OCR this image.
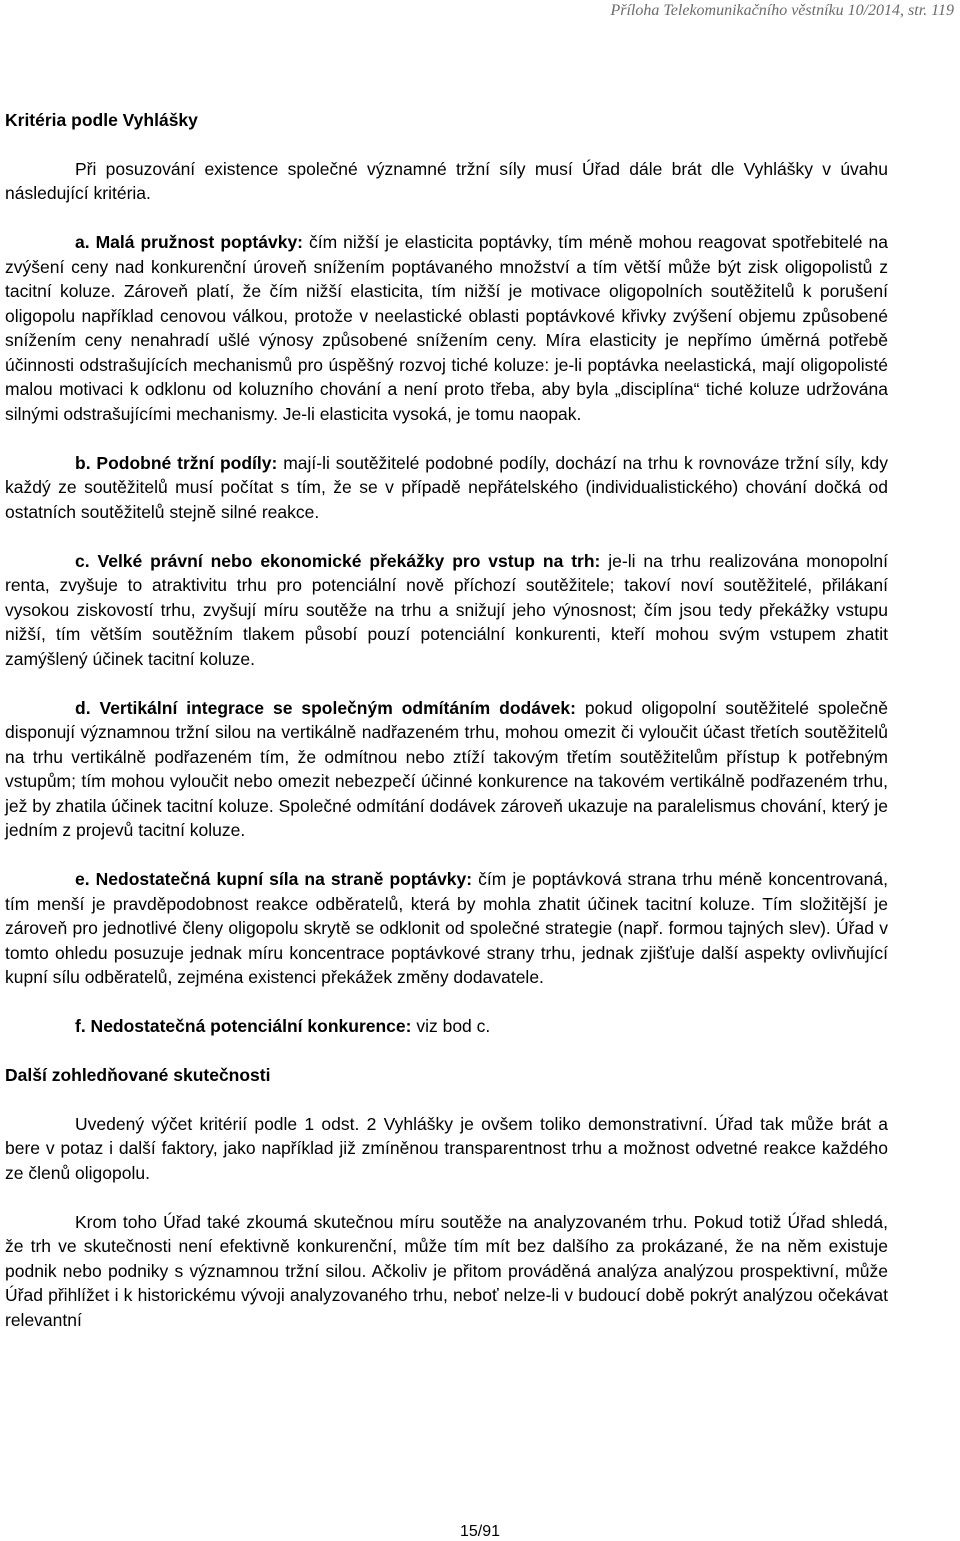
Příloha Telekomunikačního věstníku 10/2014, str. 119
Kritéria podle Vyhlášky

Při posuzování existence společné významné tržní síly musí Úřad dále brát dle Vyhlášky v úvahu následující kritéria.

a. Malá pružnost poptávky: čím nižší je elasticita poptávky, tím méně mohou reagovat spotřebitelé na zvýšení ceny nad konkurenční úroveň snížením poptávaného množství a tím větší může být zisk oligopolistů z tacitní koluze. Zároveň platí, že čím nižší elasticita, tím nižší je motivace oligopolních soutěžitelů k porušení oligopolu například cenovou válkou, protože v neelastické oblasti poptávkové křivky zvýšení objemu způsobené snížením ceny nenahradí ušlé výnosy způsobené snížením ceny. Míra elasticity je nepřímo úměrná potřebě účinnosti odstrašujících mechanismů pro úspěšný rozvoj tiché koluze: je-li poptávka neelastická, mají oligopolisté malou motivaci k odklonu od koluzního chování a není proto třeba, aby byla „disciplína“ tiché koluze udržována silnými odstrašujícími mechanismy. Je-li elasticita vysoká, je tomu naopak.
b. Podobné tržní podíly: mají-li soutěžitelé podobné podíly, dochází na trhu k rovnováze tržní síly, kdy každý ze soutěžitelů musí počítat s tím, že se v případě nepřátelského (individualistického) chování dočká od ostatních soutěžitelů stejně silné reakce.
c. Velké právní nebo ekonomické překážky pro vstup na trh: je-li na trhu realizována monopolní renta, zvyšuje to atraktivitu trhu pro potenciální nově příchozí soutěžitele; takoví noví soutěžitelé, přilákaní vysokou ziskovostí trhu, zvyšují míru soutěže na trhu a snižují jeho výnosnost; čím jsou tedy překážky vstupu nižší, tím větším soutěžním tlakem působí pouzí potenciální konkurenti, kteří mohou svým vstupem zhatit zamýšlený účinek tacitní koluze.
d. Vertikální integrace se společným odmítáním dodávek: pokud oligopolní soutěžitelé společně disponují významnou tržní silou na vertikálně nadřazeném trhu, mohou omezit či vyloučit účast třetích soutěžitelů na trhu vertikálně podřazeném tím, že odmítnou nebo ztíží takovým třetím soutěžitelům přístup k potřebným vstupům; tím mohou vyloučit nebo omezit nebezpečí účinné konkurence na takovém vertikálně podřazeném trhu, jež by zhatila účinek tacitní koluze. Společné odmítání dodávek zároveň ukazuje na paralelismus chování, který je jedním z projevů tacitní koluze.
e. Nedostatečná kupní síla na straně poptávky: čím je poptávková strana trhu méně koncentrovaná, tím menší je pravděpodobnost reakce odběratelů, která by mohla zhatit účinek tacitní koluze. Tím složitější je zároveň pro jednotlivé členy oligopolu skrytě se odklonit od společné strategie (např. formou tajných slev). Úřad v tomto ohledu posuzuje jednak míru koncentrace poptávkové strany trhu, jednak zjišťuje další aspekty ovlivňující kupní sílu odběratelů, zejména existenci překážek změny dodavatele.
f. Nedostatečná potenciální konkurence: viz bod c.
Další zohledňované skutečnosti

Uvedený výčet kritérií podle 1 odst. 2 Vyhlášky je ovšem toliko demonstrativní. Úřad tak může brát a bere v potaz i další faktory, jako například již zmíněnou transparentnost trhu a možnost odvetné reakce každého ze členů oligopolu.

Krom toho Úřad také zkoumá skutečnou míru soutěže na analyzovaném trhu. Pokud totiž Úřad shledá, že trh ve skutečnosti není efektivně konkurenční, může tím mít bez dalšího za prokázané, že na něm existuje podnik nebo podniky s významnou tržní silou. Ačkoliv je přitom prováděná analýza analýzou prospektivní, může Úřad přihlížet i k historickému vývoji analyzovaného trhu, neboť nelze-li v budoucí době pokrýt analýzou očekávat relevantní

15/91
